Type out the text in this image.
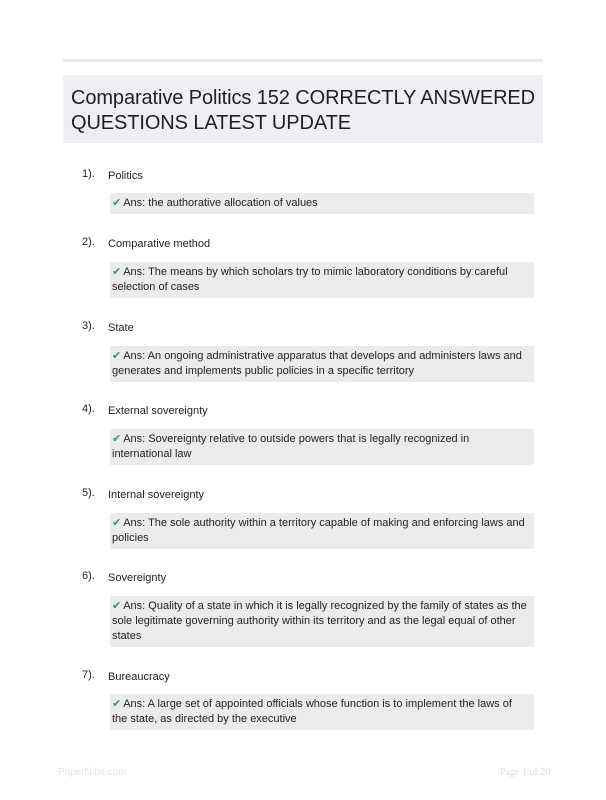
Comparative Politics 152 CORRECTLY ANSWERED QUESTIONS LATEST UPDATE
1). Politics
✔ Ans: the authorative allocation of values
2). Comparative method
✔ Ans: The means by which scholars try to mimic laboratory conditions by careful selection of cases
3). State
✔ Ans: An ongoing administrative apparatus that develops and administers laws and generates and implements public policies in a specific territory
4). External sovereignty
✔ Ans: Sovereignty relative to outside powers that is legally recognized in international law
5). Internal sovereignty
✔ Ans: The sole authority within a territory capable of making and enforcing laws and policies
6). Sovereignty
✔ Ans: Quality of a state in which it is legally recognized by the family of states as the sole legitimate governing authority within its territory and as the legal equal of other states
7). Bureaucracy
✔ Ans: A large set of appointed officials whose function is to implement the laws of the state, as directed by the executive
PaperNibs.com	Page 1 of 20
